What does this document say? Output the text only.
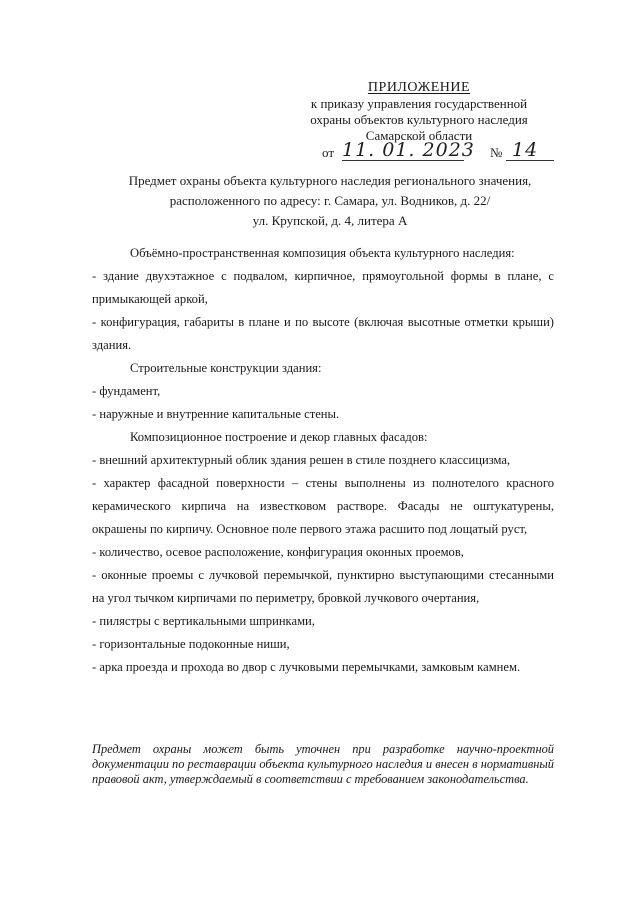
ПРИЛОЖЕНИЕ
к приказу управления государственной
охраны объектов культурного наследия
Самарской области
от 11. 01. 2023 № 14
Предмет охраны объекта культурного наследия регионального значения,
расположенного по адресу: г. Самара, ул. Водников, д. 22/
ул. Крупской, д. 4, литера А

Объёмно-пространственная композиция объекта культурного наследия:

- здание двухэтажное с подвалом, кирпичное, прямоугольной формы в плане, с примыкающей аркой,

- конфигурация, габариты в плане и по высоте (включая высотные отметки крыши) здания.

Строительные конструкции здания:

- фундамент,

- наружные и внутренние капитальные стены.

Композиционное построение и декор главных фасадов:

- внешний архитектурный облик здания решен в стиле позднего классицизма,

- характер фасадной поверхности – стены выполнены из полнотелого красного керамического кирпича на известковом растворе. Фасады не оштукатурены, окрашены по кирпичу. Основное поле первого этажа расшито под лощатый руст,

- количество, осевое расположение, конфигурация оконных проемов,

- оконные проемы с лучковой перемычкой, пунктирно выступающими стесанными на угол тычком кирпичами по периметру, бровкой лучкового очертания,

- пилястры с вертикальными шпринками,

- горизонтальные подоконные ниши,

- арка проезда и прохода во двор с лучковыми перемычками, замковым камнем.

Предмет охраны может быть уточнен при разработке научно-проектной документации по реставрации объекта культурного наследия и внесен в нормативный правовой акт, утверждаемый в соответствии с требованием законодательства.
